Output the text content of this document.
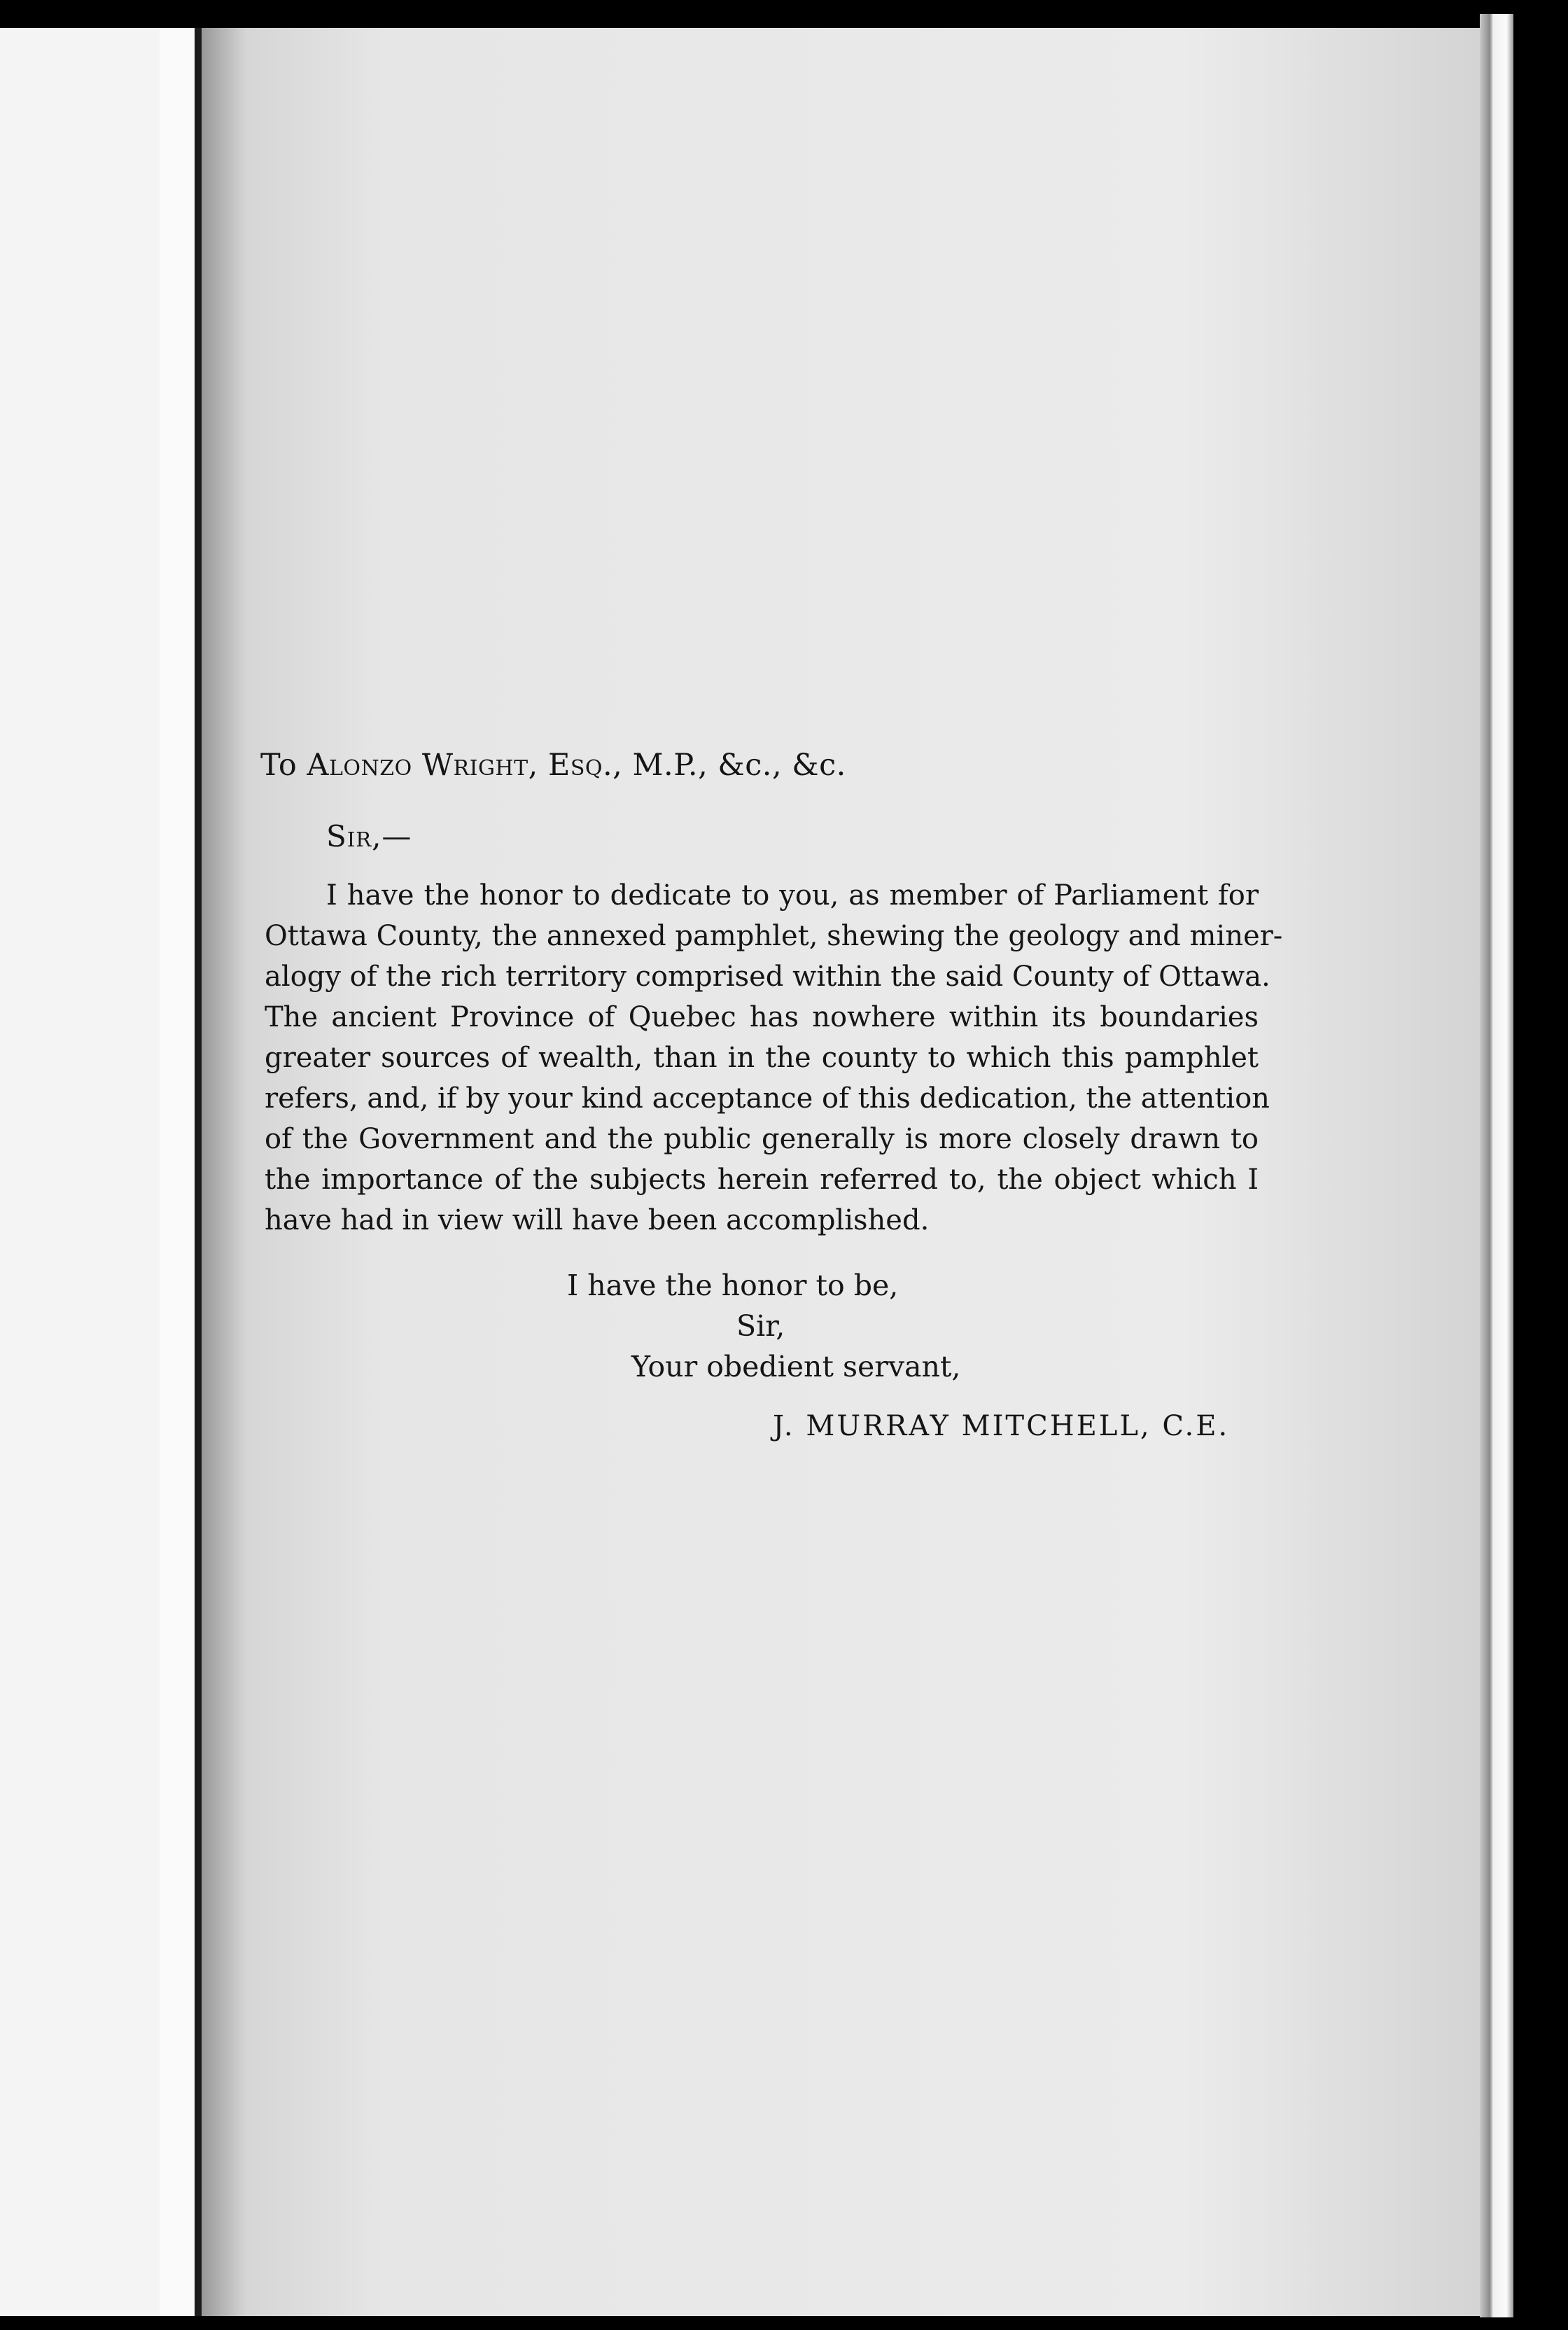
To Alonzo Wright, Esq., M.P., &c., &c.
Sir,—
I have the honor to dedicate to you, as member of Parliament for
Ottawa County, the annexed pamphlet, shewing the geology and miner-
alogy of the rich territory comprised within the said County of Ottawa.
The ancient Province of Quebec has nowhere within its boundaries
greater sources of wealth, than in the county to which this pamphlet
refers, and, if by your kind acceptance of this dedication, the attention
of the Government and the public generally is more closely drawn to
the importance of the subjects herein referred to, the object which I
have had in view will have been accomplished.
I have the honor to be,
Sir,
Your obedient servant,
J. MURRAY MITCHELL, C.E.
